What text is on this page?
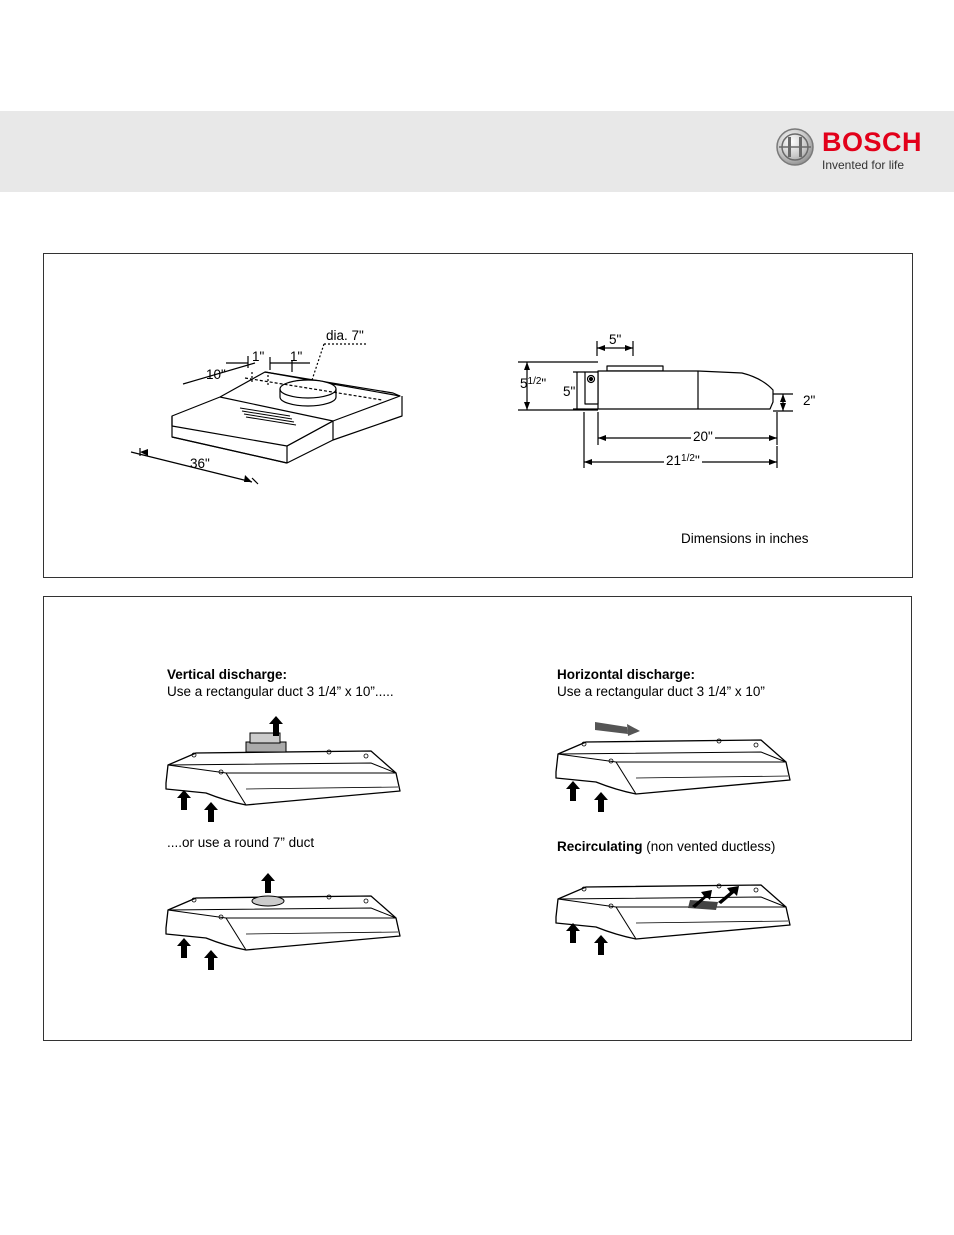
BOSCH
Invented for life
36"
10"
1" 1"
dia. 7"	5"
$5^{1/2}$"
5"
2"
20"
$21^{1/2}$"
Dimensions in inches
Vertical discharge:
Use a rectangular duct 3 1/4” x 10”.....
....or use a round 7” duct
Horizontal discharge:
Use a rectangular duct 3 1/4” x 10”
Recirculating (non vented ductless)
